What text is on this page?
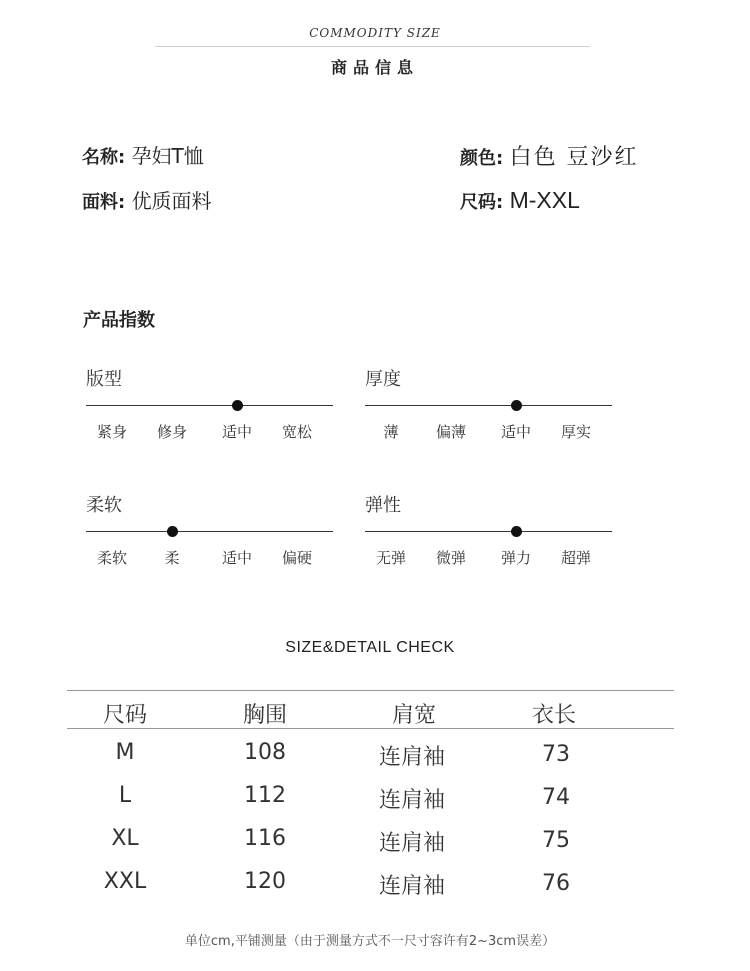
COMMODITY SIZE
商品信息
名称: 孕妇T恤	颜色: 白色 豆沙红
面料: 优质面料	尺码: M-XXL
产品指数
版型
紧身	修身	适中	宽松
厚度
薄	偏薄	适中	厚实
柔软
柔软	柔	适中	偏硬
弹性
无弹	微弹	弹力	超弹
SIZE&DETAIL CHECK
尺码	胸围	肩宽	衣长
M	108	连肩袖	73
L	112	连肩袖	74
XL	116	连肩袖	75
XXL	120	连肩袖	76
单位cm,平铺测量（由于测量方式不一尺寸容许有2~3cm误差）
